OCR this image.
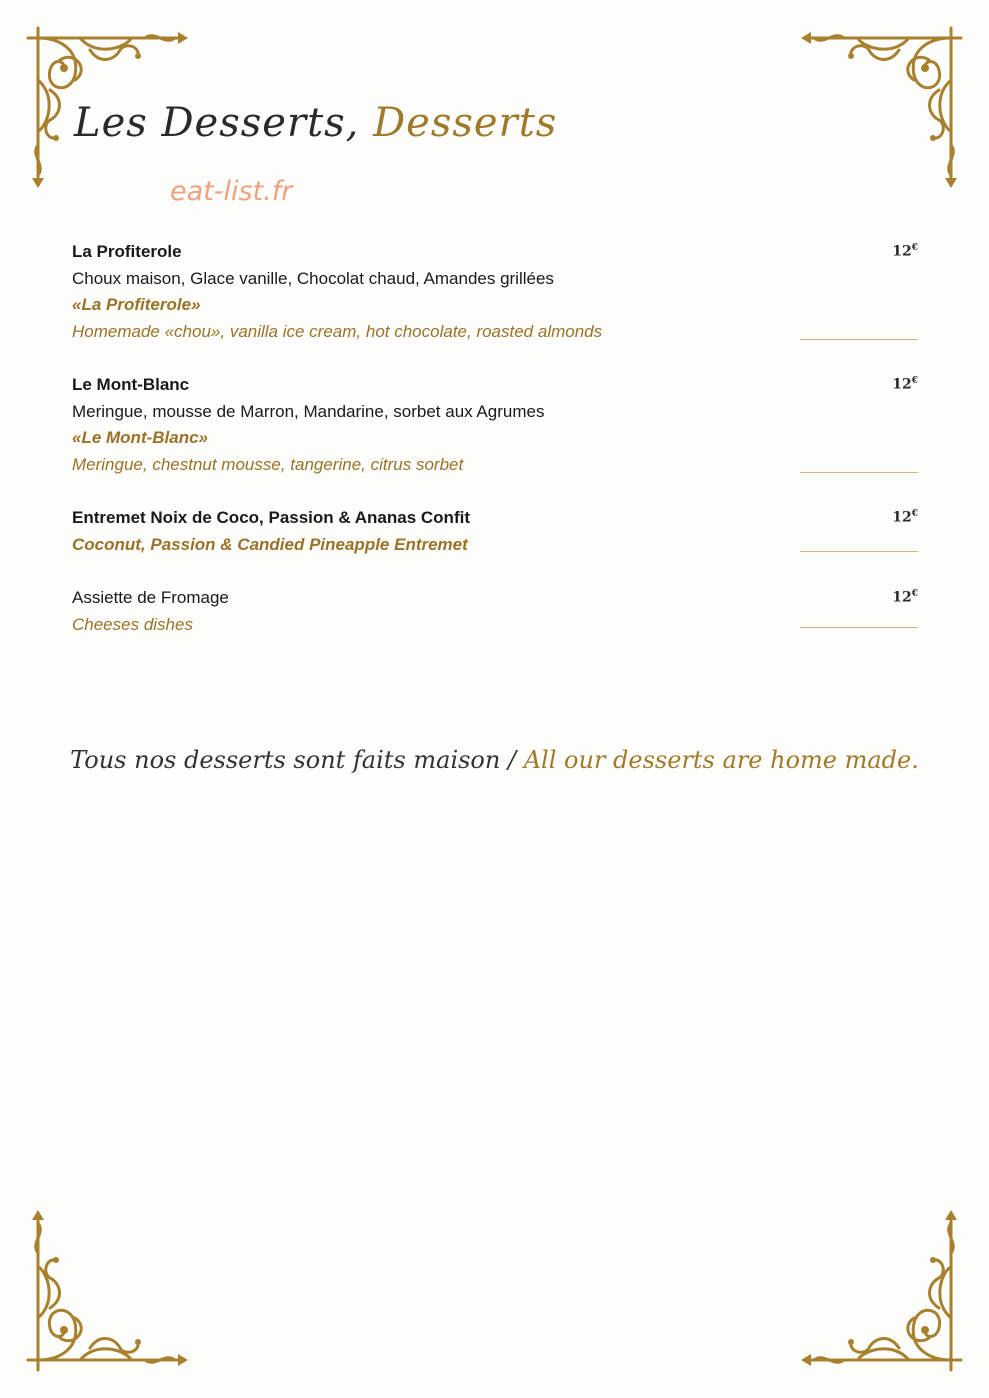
Les Desserts, Desserts
eat-list.fr
La Profiterole
Choux maison, Glace vanille, Chocolat chaud, Amandes grillées
«La Profiterole»
Homemade «chou», vanilla ice cream, hot chocolate, roasted almonds
12€
Le Mont-Blanc
Meringue, mousse de Marron, Mandarine, sorbet aux Agrumes
«Le Mont-Blanc»
Meringue, chestnut mousse, tangerine, citrus sorbet
12€
Entremet Noix de Coco, Passion & Ananas Confit
Coconut, Passion & Candied Pineapple Entremet
12€
Assiette de Fromage
Cheeses dishes
12€
Tous nos desserts sont faits maison / All our desserts are home made.
